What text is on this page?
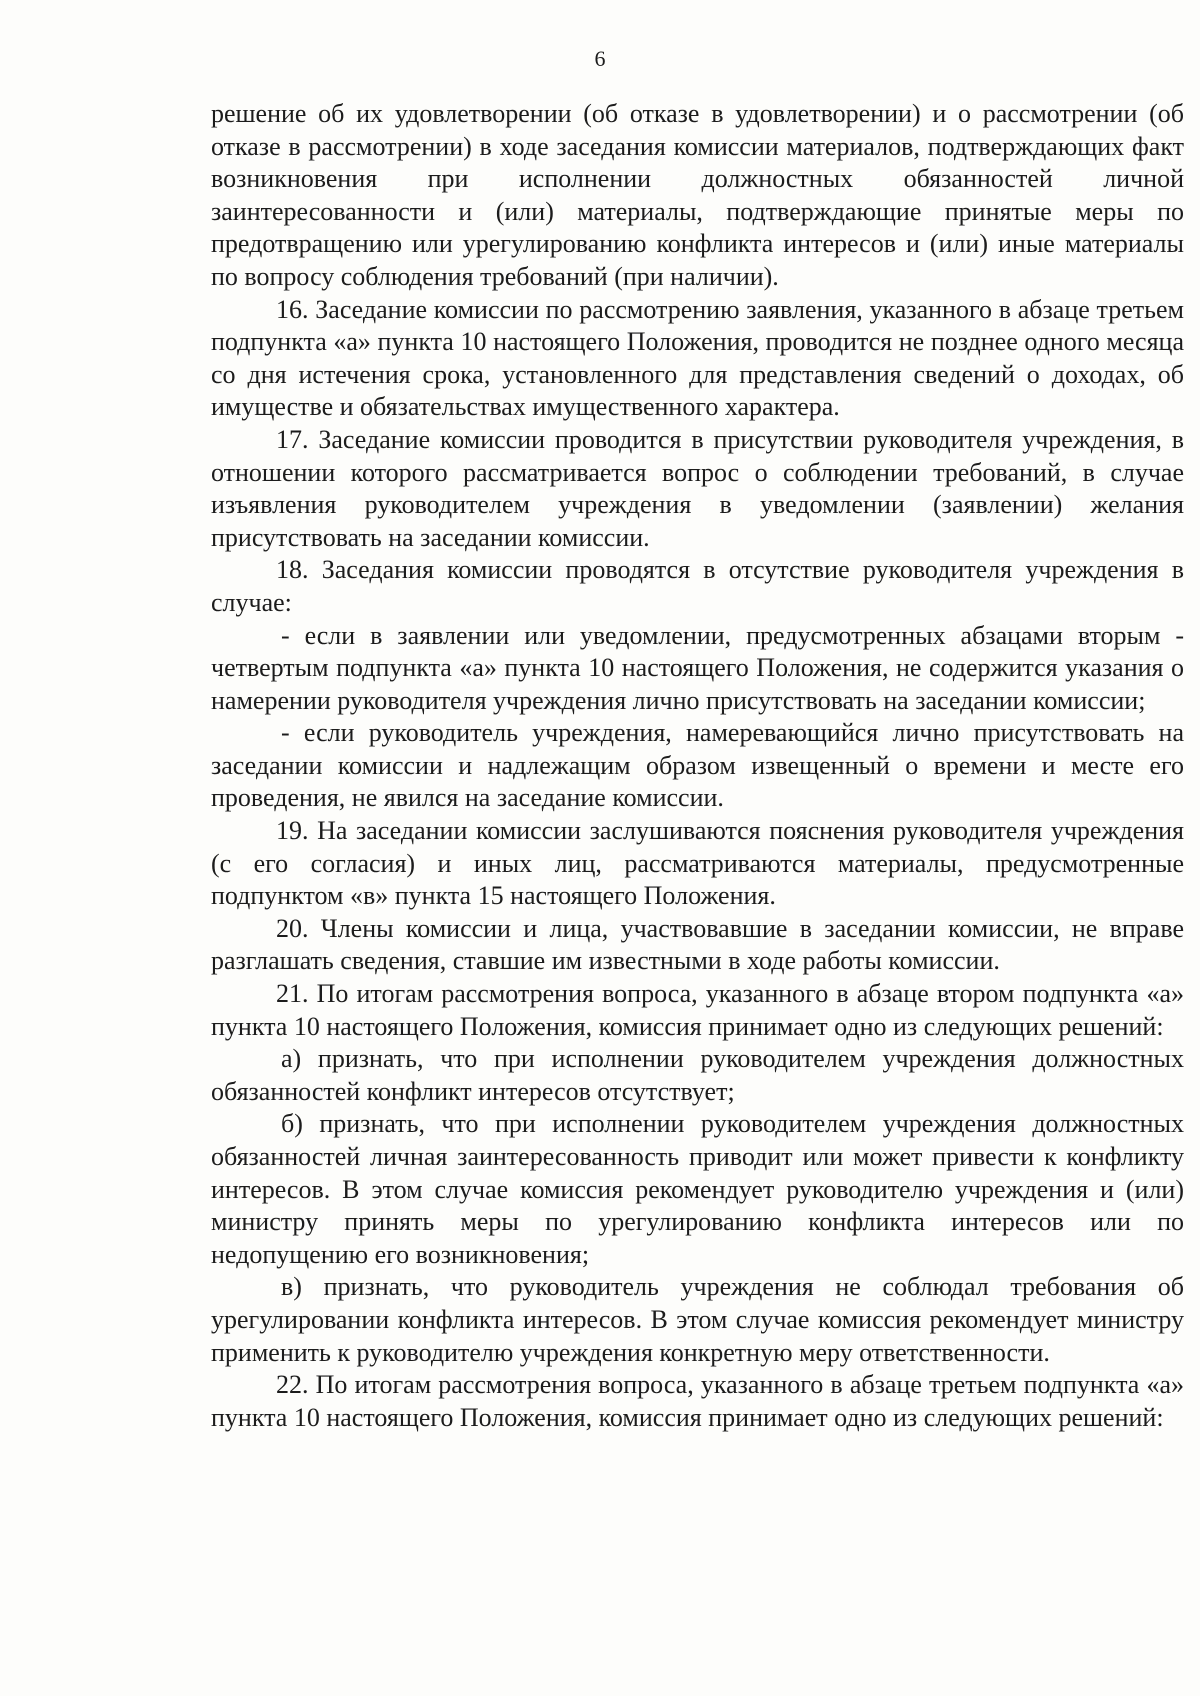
6

решение об их удовлетворении (об отказе в удовлетворении) и о рассмотрении (об отказе в рассмотрении) в ходе заседания комиссии материалов, подтверждающих факт возникновения при исполнении должностных обязанностей личной заинтересованности и (или) материалы, подтверждающие принятые меры по предотвращению или урегулированию конфликта интересов и (или) иные материалы по вопросу соблюдения требований (при наличии).

16. Заседание комиссии по рассмотрению заявления, указанного в абзаце третьем подпункта «а» пункта 10 настоящего Положения, проводится не позднее одного месяца со дня истечения срока, установленного для представления сведений о доходах, об имуществе и обязательствах имущественного характера.

17. Заседание комиссии проводится в присутствии руководителя учреждения, в отношении которого рассматривается вопрос о соблюдении требований, в случае изъявления руководителем учреждения в уведомлении (заявлении) желания присутствовать на заседании комиссии.

18. Заседания комиссии проводятся в отсутствие руководителя учреждения в случае:

- если в заявлении или уведомлении, предусмотренных абзацами вторым - четвертым подпункта «а» пункта 10 настоящего Положения, не содержится указания о намерении руководителя учреждения лично присутствовать на заседании комиссии;

- если руководитель учреждения, намеревающийся лично присутствовать на заседании комиссии и надлежащим образом извещенный о времени и месте его проведения, не явился на заседание комиссии.

19. На заседании комиссии заслушиваются пояснения руководителя учреждения (с его согласия) и иных лиц, рассматриваются материалы, предусмотренные подпунктом «в» пункта 15 настоящего Положения.

20. Члены комиссии и лица, участвовавшие в заседании комиссии, не вправе разглашать сведения, ставшие им известными в ходе работы комиссии.

21. По итогам рассмотрения вопроса, указанного в абзаце втором подпункта «а» пункта 10 настоящего Положения, комиссия принимает одно из следующих решений:

а) признать, что при исполнении руководителем учреждения должностных обязанностей конфликт интересов отсутствует;

б) признать, что при исполнении руководителем учреждения должностных обязанностей личная заинтересованность приводит или может привести к конфликту интересов. В этом случае комиссия рекомендует руководителю учреждения и (или) министру принять меры по урегулированию конфликта интересов или по недопущению его возникновения;

в) признать, что руководитель учреждения не соблюдал требования об урегулировании конфликта интересов. В этом случае комиссия рекомендует министру применить к руководителю учреждения конкретную меру ответственности.

22. По итогам рассмотрения вопроса, указанного в абзаце третьем подпункта «а» пункта 10 настоящего Положения, комиссия принимает одно из следующих решений:
